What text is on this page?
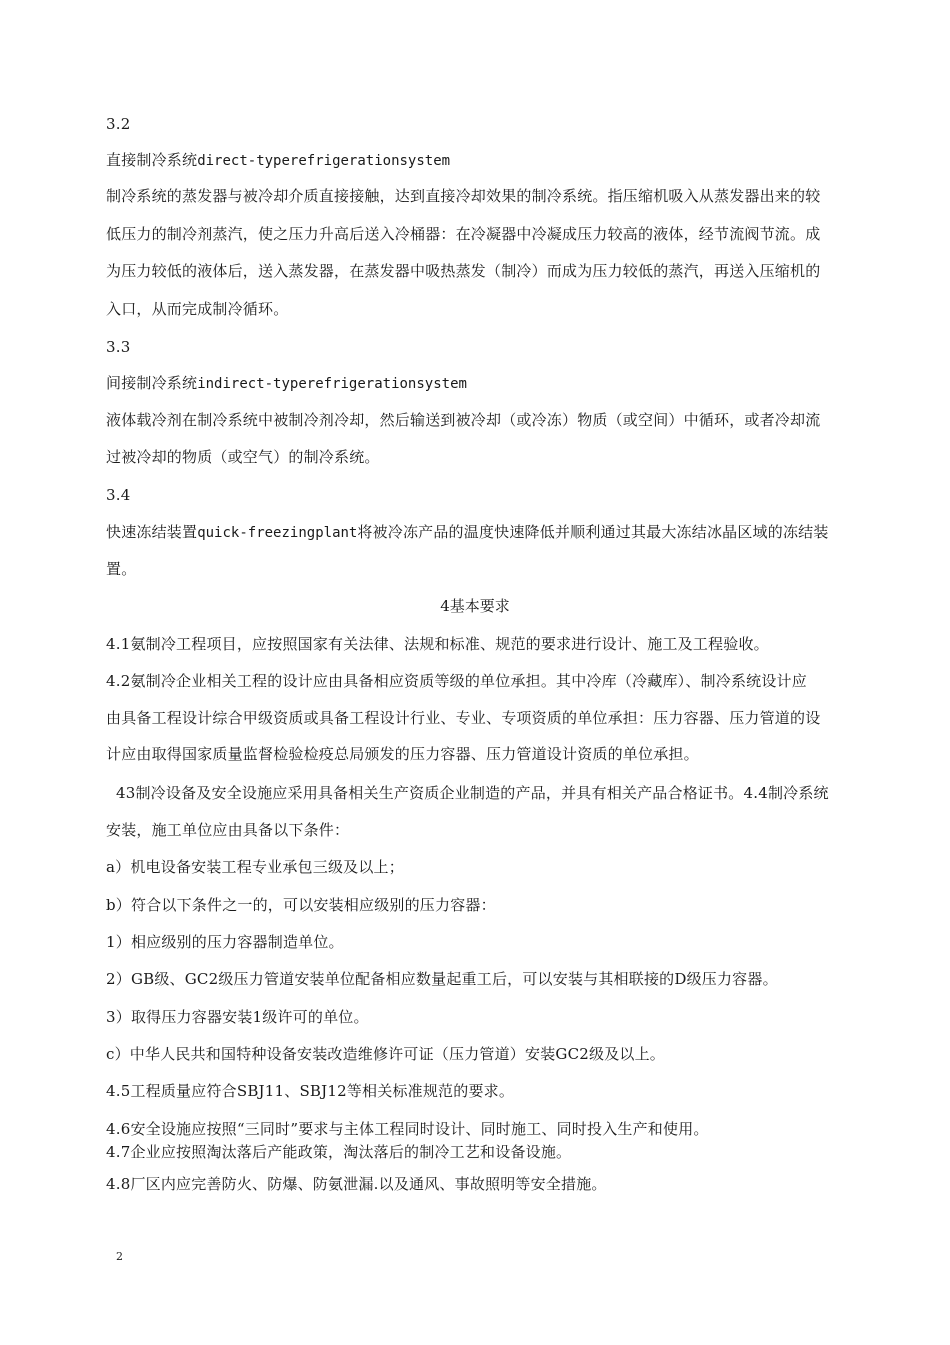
3.2
直接制冷系统direct-typerefrigerationsystem
制冷系统的蒸发器与被冷却介质直接接触，达到直接冷却效果的制冷系统。指压缩机吸入从蒸发器出来的较
低压力的制冷剂蒸汽，使之压力升高后送入冷桶器：在冷凝器中冷凝成压力较高的液体，经节流阀节流。成
为压力较低的液体后，送入蒸发器，在蒸发器中吸热蒸发（制冷）而成为压力较低的蒸汽，再送入压缩机的
入口，从而完成制冷循环。
3.3
间接制冷系统indirect-typerefrigerationsystem
液体载冷剂在制冷系统中被制冷剂冷却，然后输送到被冷却（或冷冻）物质（或空间）中循环，或者冷却流
过被冷却的物质（或空气）的制冷系统。
3.4
快速冻结装置quick-freezingplant将被冷冻产品的温度快速降低并顺利通过其最大冻结冰晶区域的冻结装
置。
4基本要求
4.1氨制冷工程项目，应按照国家有关法律、法规和标准、规范的要求进行设计、施工及工程验收。
4.2氨制冷企业相关工程的设计应由具备相应资质等级的单位承担。其中冷库（冷藏库）、制冷系统设计应
由具备工程设计综合甲级资质或具备工程设计行业、专业、专项资质的单位承担：压力容器、压力管道的设
计应由取得国家质量监督检验检疫总局颁发的压力容器、压力管道设计资质的单位承担。
43制冷设备及安全设施应采用具备相关生产资质企业制造的产品，并具有相关产品合格证书。4.4制冷系统
安装，施工单位应由具备以下条件：
a）机电设备安装工程专业承包三级及以上；
b）符合以下条件之一的，可以安装相应级别的压力容器：
1）相应级别的压力容器制造单位。
2）GB级、GC2级压力管道安装单位配备相应数量起重工后，可以安装与其相联接的D级压力容器。
3）取得压力容器安装1级许可的单位。
c）中华人民共和国特种设备安装改造维修许可证（压力管道）安装GC2级及以上。
4.5工程质量应符合SBJ11、SBJ12等相关标准规范的要求。
4.6安全设施应按照“三同时”要求与主体工程同时设计、同时施工、同时投入生产和使用。
4.7企业应按照淘汰落后产能政策，淘汰落后的制冷工艺和设备设施。
4.8厂区内应完善防火、防爆、防氨泄漏.以及通风、事故照明等安全措施。
2
